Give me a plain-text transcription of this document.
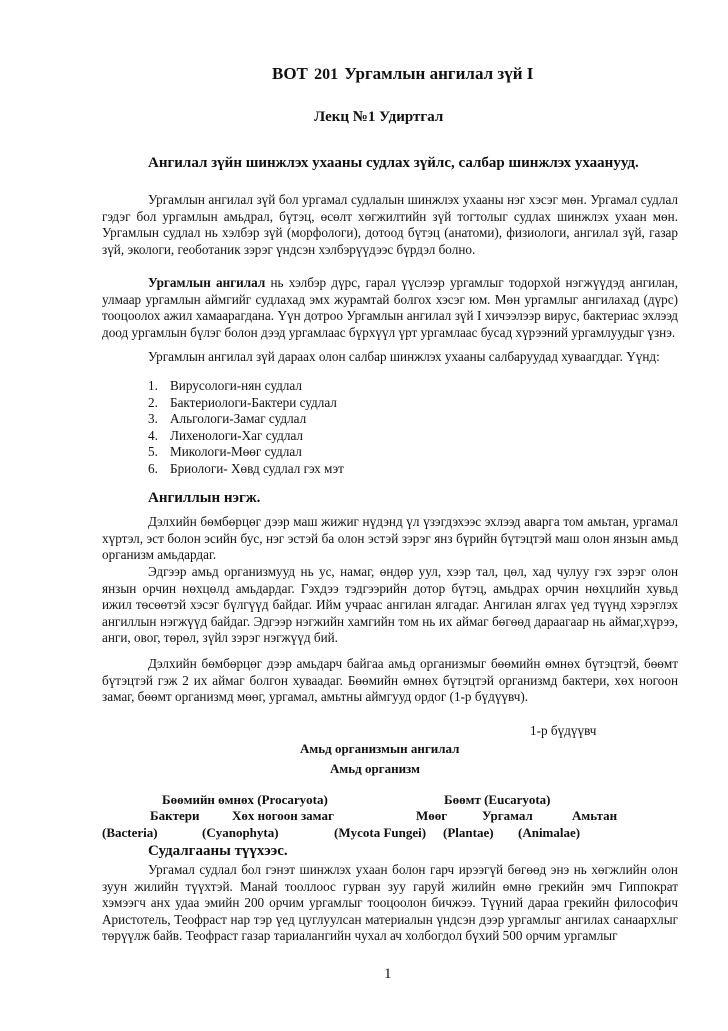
ВОТ 201 Ургамлын ангилал зүй I
Лекц №1 Удиртгал
Ангилал зүйн шинжлэх ухааны судлах зүйлс, салбар шинжлэх ухаанууд.
Ургамлын ангилал зүй бол ургамал судлалын шинжлэх ухааны нэг хэсэг мөн. Ургамал судлал гэдэг бол ургамлын амьдрал, бүтэц, өсөлт хөгжилтийн зүй тогтолыг судлах шинжлэх ухаан мөн. Ургамлын судлал нь хэлбэр зүй (морфологи), дотоод бүтэц (анатоми), физиологи, ангилал зүй, газар зүй, экологи, геоботаник зэрэг үндсэн хэлбэрүүдээс бүрдэл болно.
Ургамлын ангилал нь хэлбэр дүрс, гарал үүслээр ургамлыг тодорхой нэгжүүдэд ангилан, улмаар ургамлын аймгийг судлахад эмх журамтай болгох хэсэг юм. Мөн ургамлыг ангилахад (дүрс) тооцоолох ажил хамаарагдана. Үүн дотроо Ургамлын ангилал зүй I хичээлээр вирус, бактериас эхлээд доод ургамлын бүлэг болон дээд ургамлаас бүрхүүл үрт ургамлаас бусад хүрээний ургамлуудыг үзнэ.
Ургамлын ангилал зүй дараах олон салбар шинжлэх ухааны салбаруудад хуваагддаг. Үүнд:
1. Вирусологи-нян судлал
2. Бактериологи-Бактери судлал
3. Альгологи-Замаг судлал
4. Лихенологи-Хаг судлал
5. Микологи-Мөөг судлал
6. Бриологи- Хөвд судлал гэх мэт
Ангиллын нэгж.
Дэлхийн бөмбөрцөг дээр маш жижиг нүдэнд үл үзэгдэхээс эхлээд аварга том амьтан, ургамал хүртэл, эст болон эсийн бус, нэг эстэй ба олон эстэй зэрэг янз бүрийн бүтэцтэй маш олон янзын амьд организм амьдардаг.
Эдгээр амьд организмууд нь ус, намаг, өндөр уул, хээр тал, цөл, хад чулуу гэх зэрэг олон янзын орчин нөхцөлд амьдардаг. Гэхдээ тэдгээрийн дотор бүтэц, амьдрах орчин нөхцлийн хувьд ижил төсөөтэй хэсэг бүлгүүд байдаг. Ийм учраас ангилан ялгадаг. Ангилан ялгах үед түүнд хэрэглэх ангиллын нэгжүүд байдаг. Эдгээр нэгжийн хамгийн том нь их аймаг бөгөөд дараагаар нь аймаг,хүрээ, анги, овог, төрөл, зүйл зэрэг нэгжүүд бий.
Дэлхийн бөмбөрцөг дээр амьдарч байгаа амьд организмыг бөөмийн өмнөх бүтэцтэй, бөөмт бүтэцтэй гэж 2 их аймаг болгон хуваадаг. Бөөмийн өмнөх бүтэцтэй организмд бактери, хөх ногоон замаг, бөөмт организмд мөөг, ургамал, амьтны аймгууд ордог (1-р бүдүүвч).
1-р бүдүүвч
Амьд организмын ангилал
Амьд организм
Бөөмийн өмнөх (Procaryota)	Бөөмт (Eucaryota)
Бактери	Хөх ногоон замаг	Мөөг	Ургамал	Амьтан
(Bacteria)	(Cyanophyta)	(Mycota Fungei) (Plantae) (Animalae)
Судалгааны түүхээс.
Ургамал судлал бол гэнэт шинжлэх ухаан болон гарч ирээгүй бөгөөд энэ нь хөгжлийн олон зуун жилийн түүхтэй. Манай тооллоос гурван зуу гаруй жилийн өмнө грекийн эмч Гиппократ хэмээгч анх удаа эмийн 200 орчим ургамлыг тооцоолон бичжээ. Түүний дараа грекийн философич Аристотель, Теофраст нар тэр үед цуглуулсан материалын үндсэн дээр ургамлыг ангилах санаархлыг төрүүлж байв. Теофраст газар тариалангийн чухал ач холбогдол бүхий 500 орчим ургамлыг
1
